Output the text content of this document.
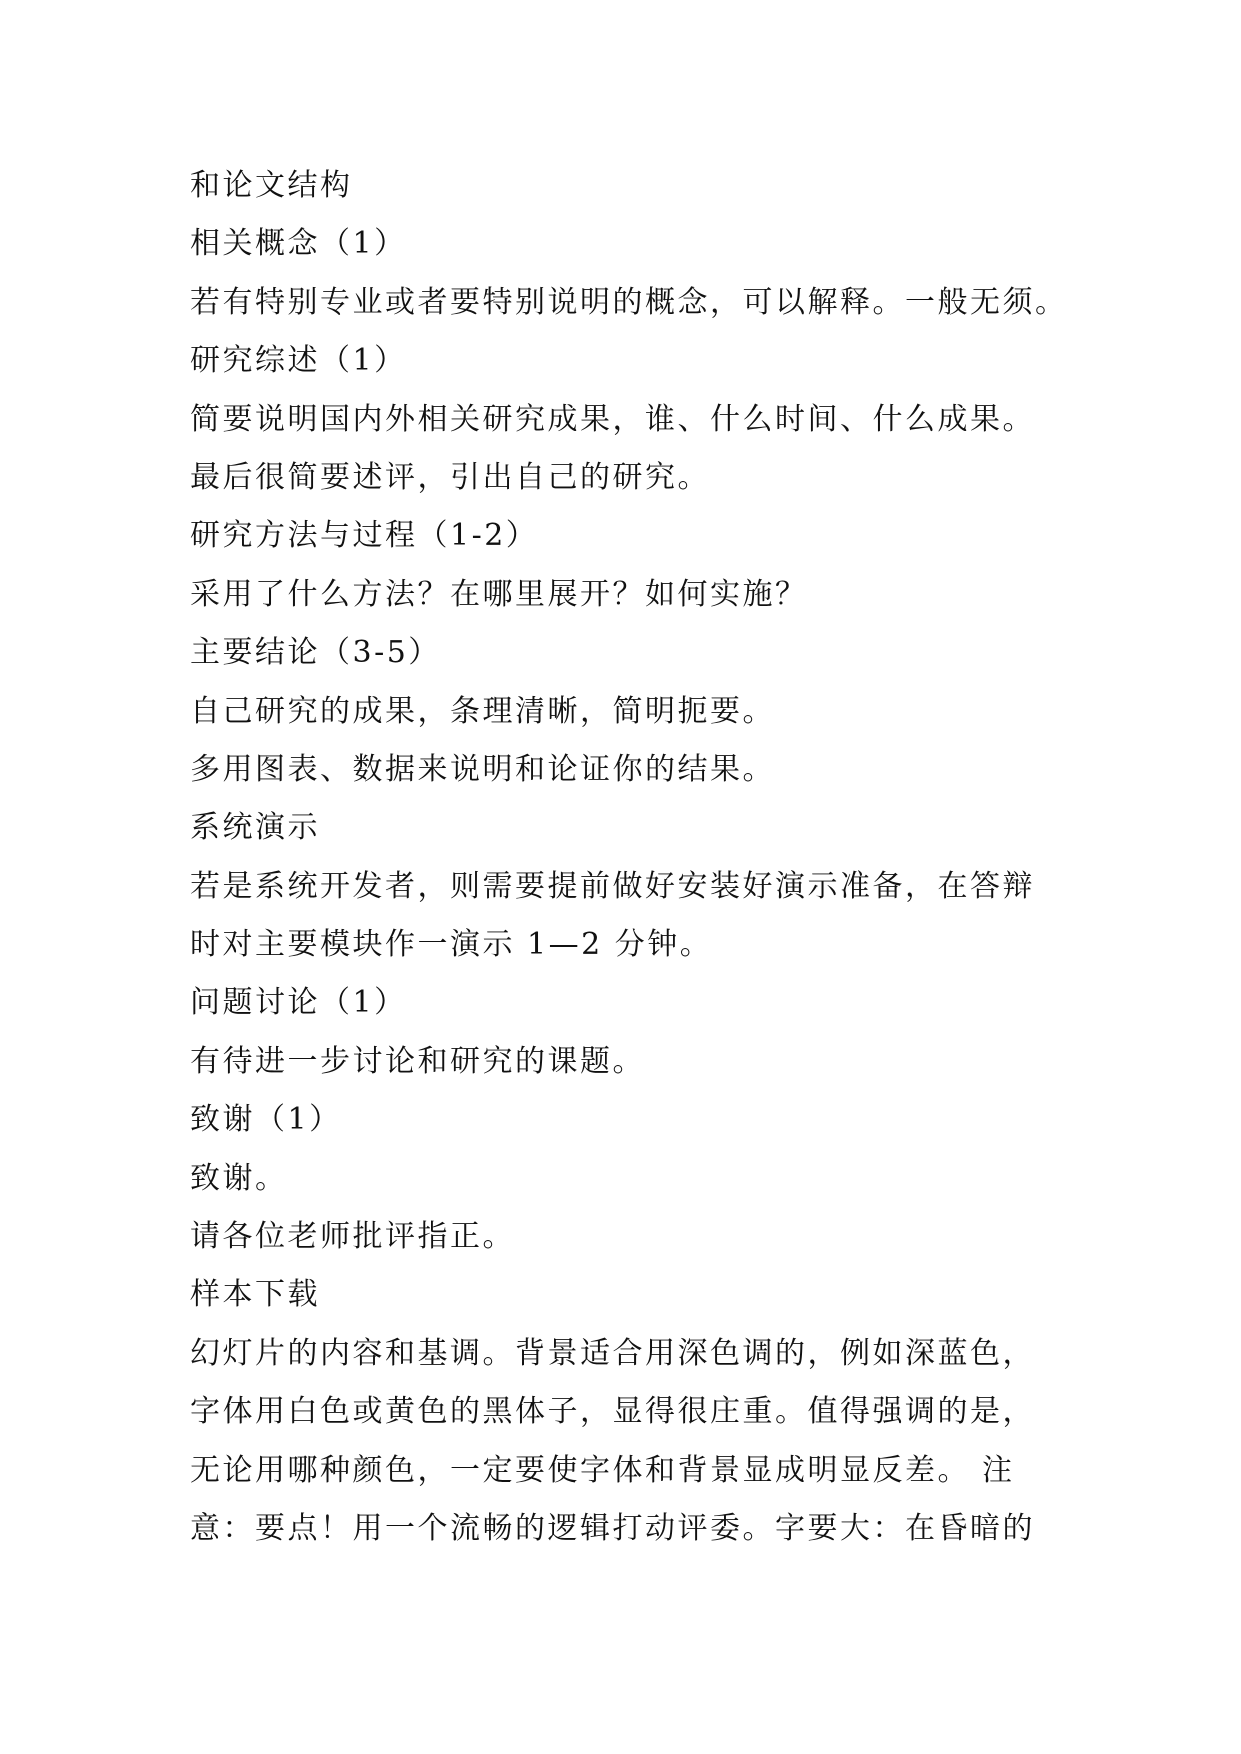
和论文结构
相关概念（1）
若有特别专业或者要特别说明的概念，可以解释。一般无须。
研究综述（1）
简要说明国内外相关研究成果，谁、什么时间、什么成果。
最后很简要述评，引出自己的研究。
研究方法与过程（1-2）
采用了什么方法？在哪里展开？如何实施？
主要结论（3-5）
自己研究的成果，条理清晰，简明扼要。
多用图表、数据来说明和论证你的结果。
系统演示
若是系统开发者，则需要提前做好安装好演示准备，在答辩
时对主要模块作一演示 1—2 分钟。
问题讨论（1）
有待进一步讨论和研究的课题。
致谢（1）
致谢。
请各位老师批评指正。
样本下载
幻灯片的内容和基调。背景适合用深色调的，例如深蓝色，
字体用白色或黄色的黑体子，显得很庄重。值得强调的是，
无论用哪种颜色，一定要使字体和背景显成明显反差。 注
意：要点！用一个流畅的逻辑打动评委。字要大：在昏暗的
